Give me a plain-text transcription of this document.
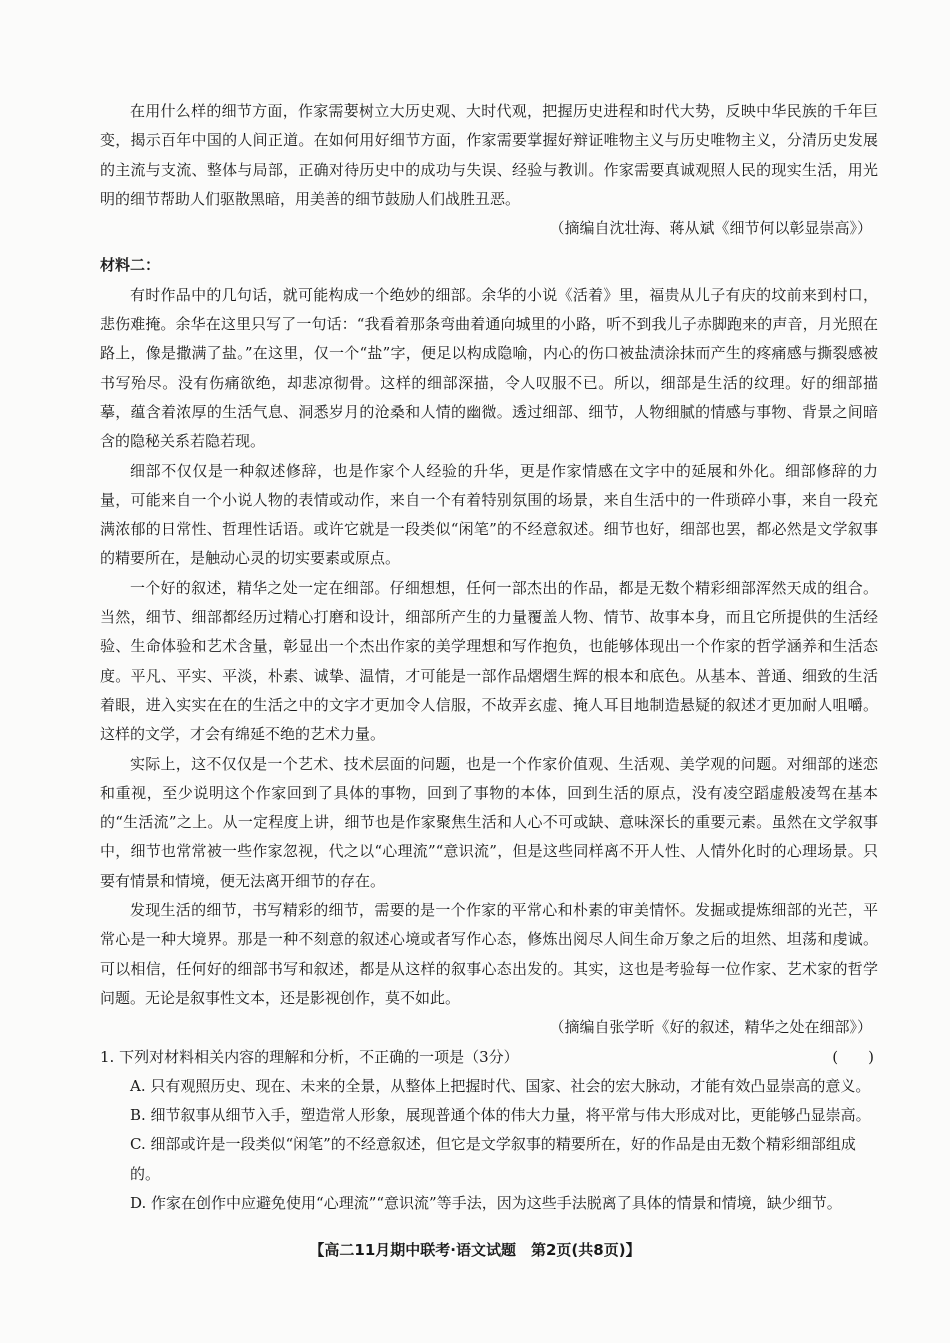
在用什么样的细节方面，作家需要树立大历史观、大时代观，把握历史进程和时代大势，反映中华民族的千年巨变，揭示百年中国的人间正道。在如何用好细节方面，作家需要掌握好辩证唯物主义与历史唯物主义，分清历史发展的主流与支流、整体与局部，正确对待历史中的成功与失误、经验与教训。作家需要真诚观照人民的现实生活，用光明的细节帮助人们驱散黑暗，用美善的细节鼓励人们战胜丑恶。

（摘编自沈壮海、蒋从斌《细节何以彰显崇高》）

材料二：

有时作品中的几句话，就可能构成一个绝妙的细部。余华的小说《活着》里，福贵从儿子有庆的坟前来到村口，悲伤难掩。余华在这里只写了一句话：“我看着那条弯曲着通向城里的小路，听不到我儿子赤脚跑来的声音，月光照在路上，像是撒满了盐。”在这里，仅一个“盐”字，便足以构成隐喻，内心的伤口被盐渍涂抹而产生的疼痛感与撕裂感被书写殆尽。没有伤痛欲绝，却悲凉彻骨。这样的细部深描，令人叹服不已。所以，细部是生活的纹理。好的细部描摹，蕴含着浓厚的生活气息、洞悉岁月的沧桑和人情的幽微。透过细部、细节，人物细腻的情感与事物、背景之间暗含的隐秘关系若隐若现。

细部不仅仅是一种叙述修辞，也是作家个人经验的升华，更是作家情感在文字中的延展和外化。细部修辞的力量，可能来自一个小说人物的表情或动作，来自一个有着特别氛围的场景，来自生活中的一件琐碎小事，来自一段充满浓郁的日常性、哲理性话语。或许它就是一段类似“闲笔”的不经意叙述。细节也好，细部也罢，都必然是文学叙事的精要所在，是触动心灵的切实要素或原点。

一个好的叙述，精华之处一定在细部。仔细想想，任何一部杰出的作品，都是无数个精彩细部浑然天成的组合。当然，细节、细部都经历过精心打磨和设计，细部所产生的力量覆盖人物、情节、故事本身，而且它所提供的生活经验、生命体验和艺术含量，彰显出一个杰出作家的美学理想和写作抱负，也能够体现出一个作家的哲学涵养和生活态度。平凡、平实、平淡，朴素、诚挚、温情，才可能是一部作品熠熠生辉的根本和底色。从基本、普通、细致的生活着眼，进入实实在在的生活之中的文字才更加令人信服，不故弄玄虚、掩人耳目地制造悬疑的叙述才更加耐人咀嚼。这样的文学，才会有绵延不绝的艺术力量。

实际上，这不仅仅是一个艺术、技术层面的问题，也是一个作家价值观、生活观、美学观的问题。对细部的迷恋和重视，至少说明这个作家回到了具体的事物，回到了事物的本体，回到生活的原点，没有凌空蹈虚般凌驾在基本的“生活流”之上。从一定程度上讲，细节也是作家聚焦生活和人心不可或缺、意味深长的重要元素。虽然在文学叙事中，细节也常常被一些作家忽视，代之以“心理流”“意识流”，但是这些同样离不开人性、人情外化时的心理场景。只要有情景和情境，便无法离开细节的存在。

发现生活的细节，书写精彩的细节，需要的是一个作家的平常心和朴素的审美情怀。发掘或提炼细部的光芒，平常心是一种大境界。那是一种不刻意的叙述心境或者写作心态，修炼出阅尽人间生命万象之后的坦然、坦荡和虔诚。可以相信，任何好的细部书写和叙述，都是从这样的叙事心态出发的。其实，这也是考验每一位作家、艺术家的哲学问题。无论是叙事性文本，还是影视创作，莫不如此。

（摘编自张学昕《好的叙述，精华之处在细部》）

1. 下列对材料相关内容的理解和分析，不正确的一项是（3分）	(　　)

A. 只有观照历史、现在、未来的全景，从整体上把握时代、国家、社会的宏大脉动，才能有效凸显崇高的意义。

B. 细节叙事从细节入手，塑造常人形象，展现普通个体的伟大力量，将平常与伟大形成对比，更能够凸显崇高。

C. 细部或许是一段类似“闲笔”的不经意叙述，但它是文学叙事的精要所在，好的作品是由无数个精彩细部组成的。

D. 作家在创作中应避免使用“心理流”“意识流”等手法，因为这些手法脱离了具体的情景和情境，缺少细节。

【高二11月期中联考·语文试题　第2页(共8页)】
